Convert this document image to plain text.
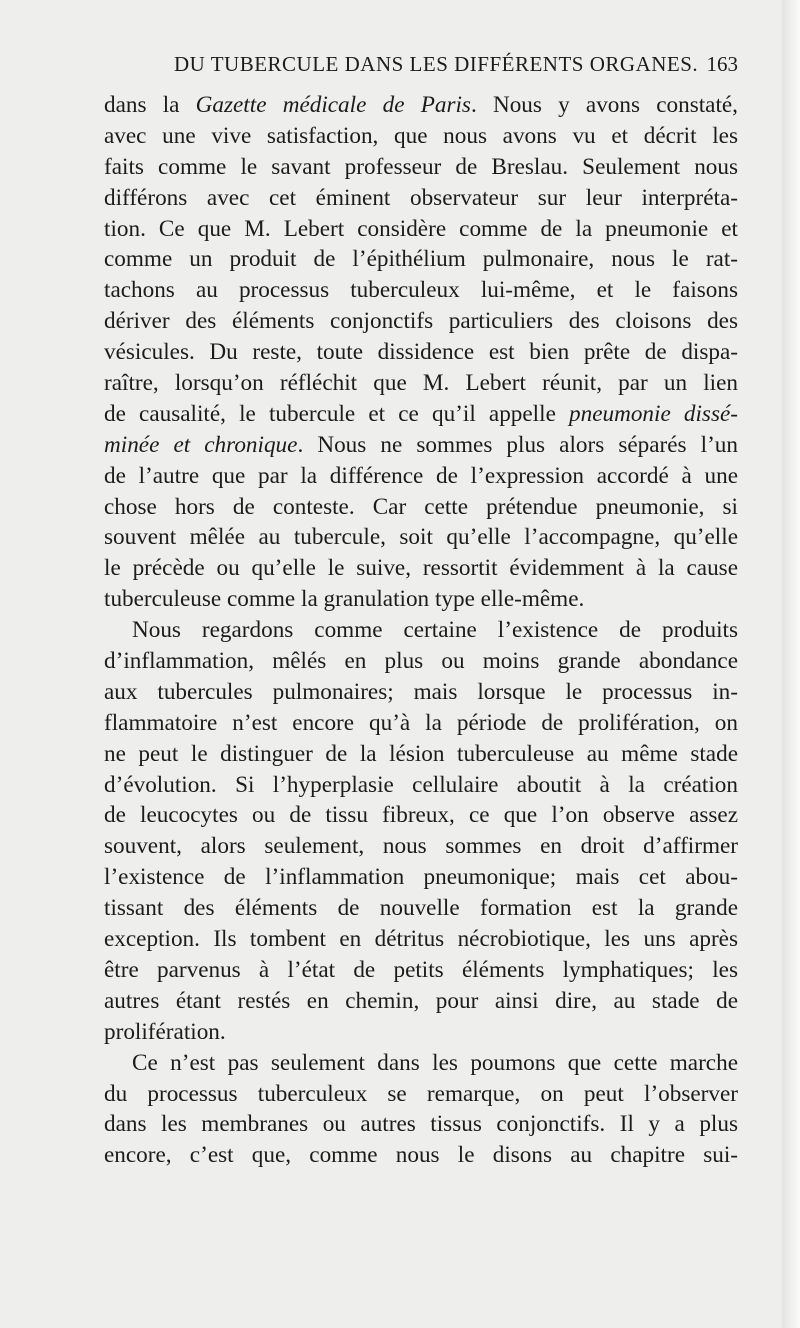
DU TUBERCULE DANS LES DIFFÉRENTS ORGANES. 163
dans la Gazette médicale de Paris. Nous y avons constaté,
avec une vive satisfaction, que nous avons vu et décrit les
faits comme le savant professeur de Breslau. Seulement nous
différons avec cet éminent observateur sur leur interpréta-
tion. Ce que M. Lebert considère comme de la pneumonie et
comme un produit de l’épithélium pulmonaire, nous le rat-
tachons au processus tuberculeux lui-même, et le faisons
dériver des éléments conjonctifs particuliers des cloisons des
vésicules. Du reste, toute dissidence est bien prête de dispa-
raître, lorsqu’on réfléchit que M. Lebert réunit, par un lien
de causalité, le tubercule et ce qu’il appelle pneumonie dissé-
minée et chronique. Nous ne sommes plus alors séparés l’un
de l’autre que par la différence de l’expression accordé à une
chose hors de conteste. Car cette prétendue pneumonie, si
souvent mêlée au tubercule, soit qu’elle l’accompagne, qu’elle
le précède ou qu’elle le suive, ressortit évidemment à la cause
tuberculeuse comme la granulation type elle-même.
Nous regardons comme certaine l’existence de produits
d’inflammation, mêlés en plus ou moins grande abondance
aux tubercules pulmonaires; mais lorsque le processus in-
flammatoire n’est encore qu’à la période de prolifération, on
ne peut le distinguer de la lésion tuberculeuse au même stade
d’évolution. Si l’hyperplasie cellulaire aboutit à la création
de leucocytes ou de tissu fibreux, ce que l’on observe assez
souvent, alors seulement, nous sommes en droit d’affirmer
l’existence de l’inflammation pneumonique; mais cet abou-
tissant des éléments de nouvelle formation est la grande
exception. Ils tombent en détritus nécrobiotique, les uns après
être parvenus à l’état de petits éléments lymphatiques; les
autres étant restés en chemin, pour ainsi dire, au stade de
prolifération.
Ce n’est pas seulement dans les poumons que cette marche
du processus tuberculeux se remarque, on peut l’observer
dans les membranes ou autres tissus conjonctifs. Il y a plus
encore, c’est que, comme nous le disons au chapitre sui-
